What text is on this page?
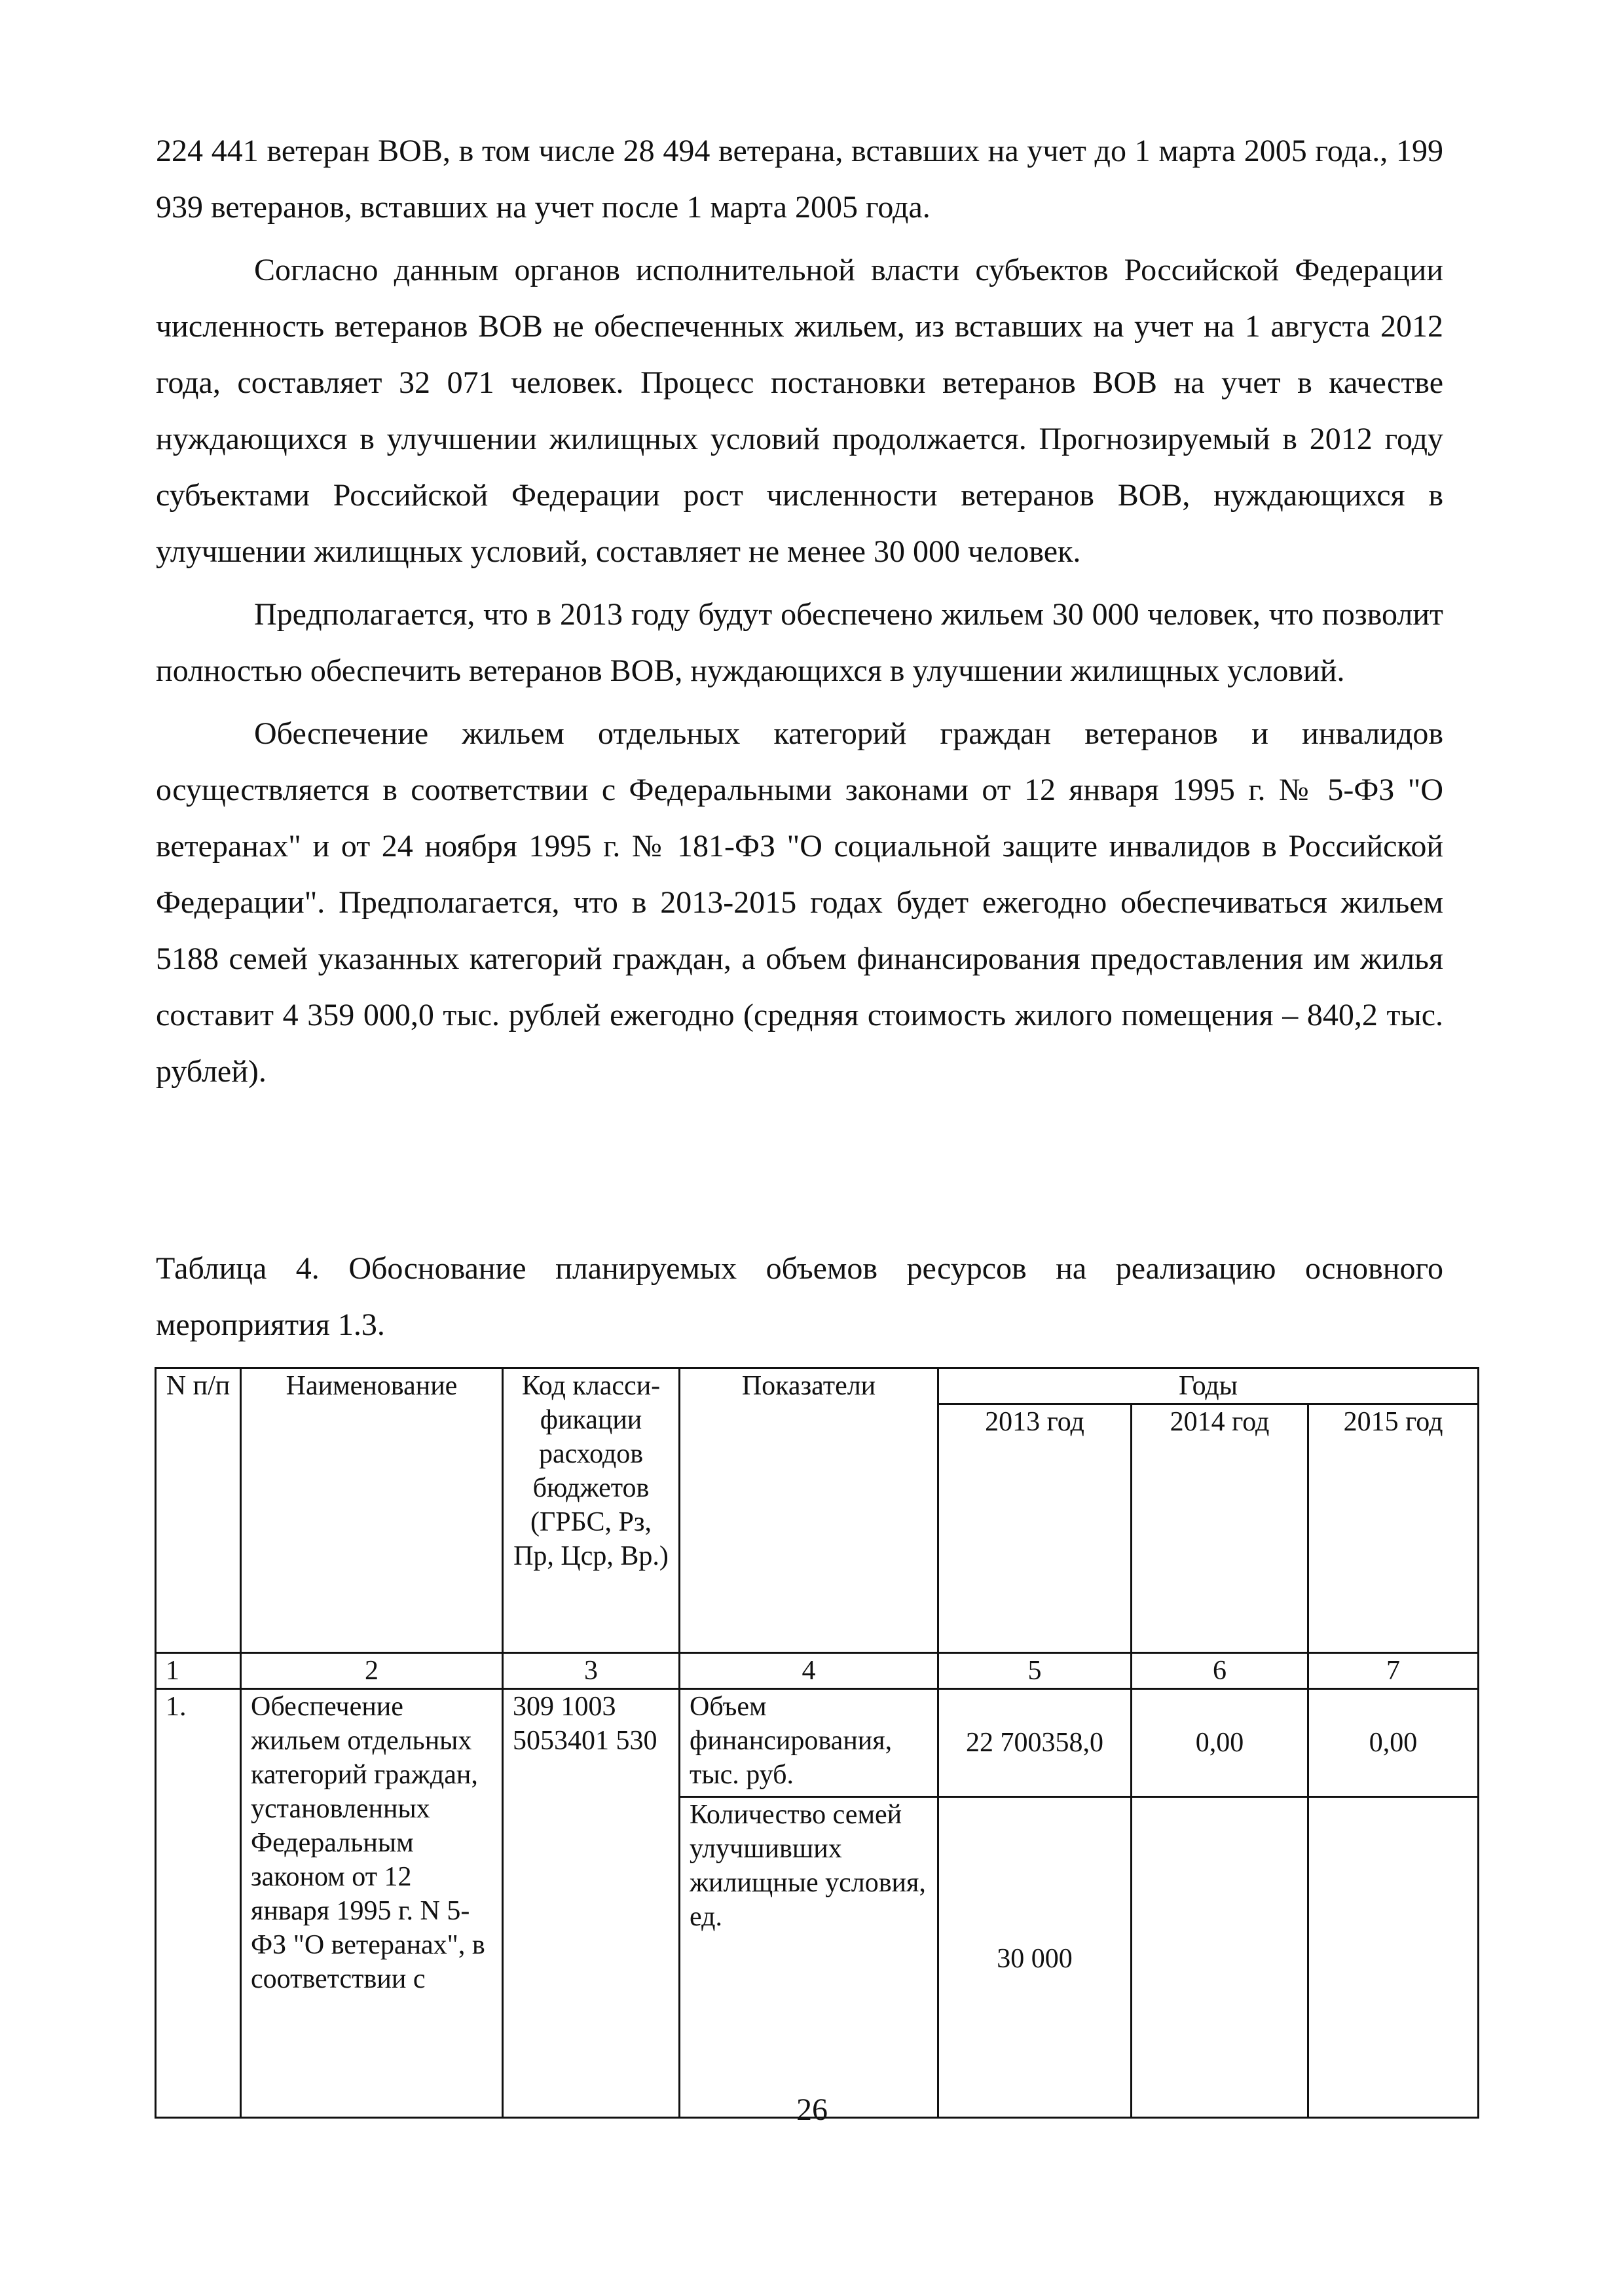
224 441 ветеран ВОВ, в том числе 28 494 ветерана, вставших на учет до 1 марта 2005 года., 199 939 ветеранов, вставших на учет после 1 марта 2005 года.

Согласно данным органов исполнительной власти субъектов Российской Федерации численность ветеранов ВОВ не обеспеченных жильем, из вставших на учет на 1 августа 2012 года, составляет 32 071 человек. Процесс постановки ветеранов ВОВ на учет в качестве нуждающихся в улучшении жилищных условий продолжается. Прогнозируемый в 2012 году субъектами Российской Федерации рост численности ветеранов ВОВ, нуждающихся в улучшении жилищных условий, составляет не менее 30 000 человек.

Предполагается, что в 2013 году будут обеспечено жильем 30 000 человек, что позволит полностью обеспечить ветеранов ВОВ, нуждающихся в улучшении жилищных условий.

Обеспечение жильем отдельных категорий граждан ветеранов и инвалидов осуществляется в соответствии с Федеральными законами от 12 января 1995 г. № 5-ФЗ "О ветеранах" и от 24 ноября 1995 г. № 181-ФЗ "О социальной защите инвалидов в Российской Федерации". Предполагается, что в 2013-2015 годах будет ежегодно обеспечиваться жильем 5188 семей указанных категорий граждан, а объем финансирования предоставления им жилья составит 4 359 000,0 тыс. рублей ежегодно (средняя стоимость жилого помещения – 840,2 тыс. рублей).

Таблица 4. Обоснование планируемых объемов ресурсов на реализацию основного мероприятия 1.3.
N п/п	Наименование	Код класси-фикации расходов бюджетов (ГРБС, Рз, Пр, Цср, Вр.)	Показатели	Годы		
				2013 год	2014 год	2015 год
1	2	3	4	5	6	7
1.	Обеспечение жильем отдельных категорий граждан, установленных Федеральным законом от 12 января 1995 г. N 5-ФЗ "О ветеранах", в соответствии с	309 1003 5053401 530	Объем финансирования, тыс. руб.	22 700358,0	0,00	0,00
			Количество семей улучшивших жилищные условия, ед.	30 000		
26
